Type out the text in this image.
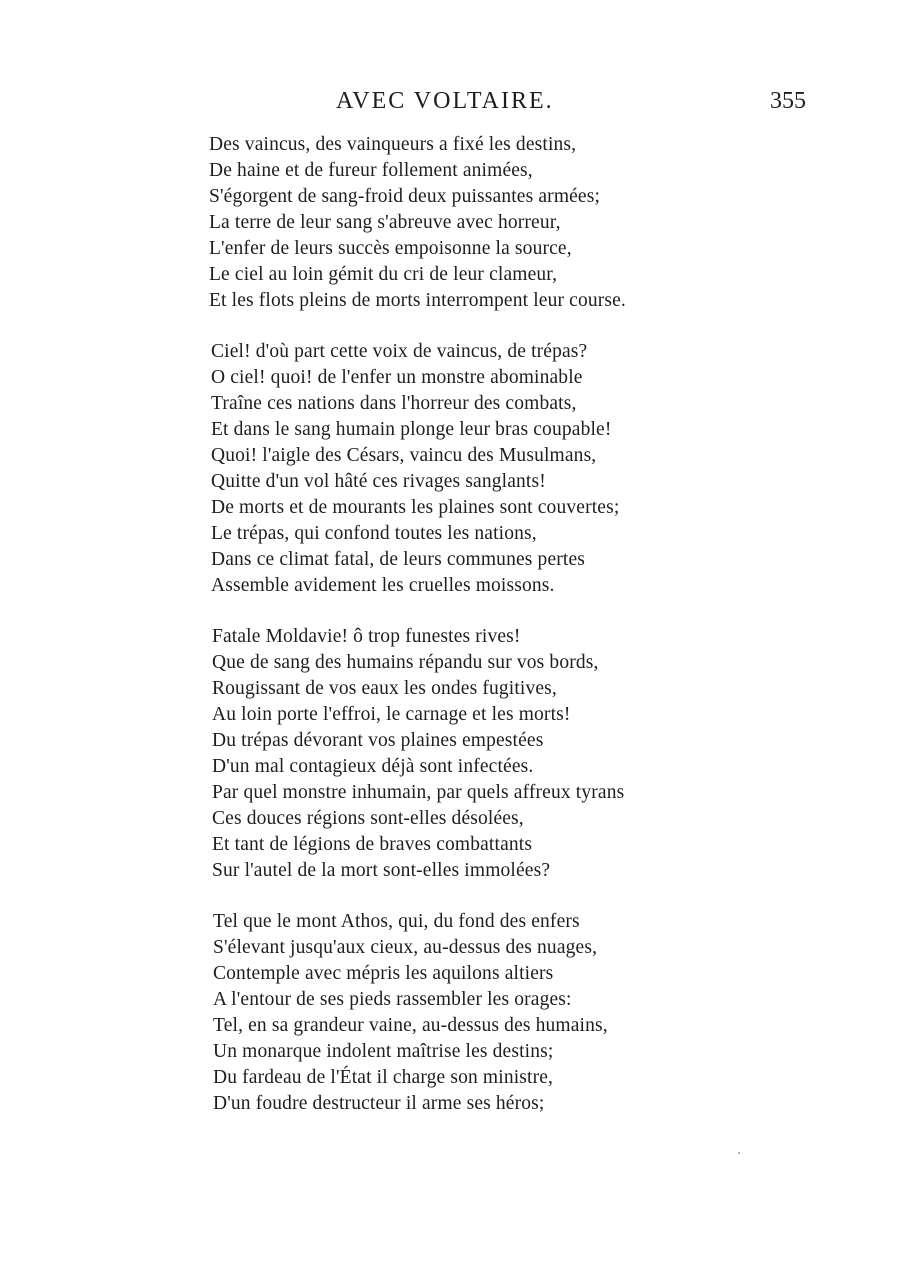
AVEC VOLTAIRE.	355
Des vaincus, des vainqueurs a fixé les destins,
De haine et de fureur follement animées,
S'égorgent de sang-froid deux puissantes armées;
La terre de leur sang s'abreuve avec horreur,
L'enfer de leurs succès empoisonne la source,
Le ciel au loin gémit du cri de leur clameur,
Et les flots pleins de morts interrompent leur course.
Ciel! d'où part cette voix de vaincus, de trépas?
O ciel! quoi! de l'enfer un monstre abominable
Traîne ces nations dans l'horreur des combats,
Et dans le sang humain plonge leur bras coupable!
Quoi! l'aigle des Césars, vaincu des Musulmans,
Quitte d'un vol hâté ces rivages sanglants!
De morts et de mourants les plaines sont couvertes;
Le trépas, qui confond toutes les nations,
Dans ce climat fatal, de leurs communes pertes
Assemble avidement les cruelles moissons.
Fatale Moldavie! ô trop funestes rives!
Que de sang des humains répandu sur vos bords,
Rougissant de vos eaux les ondes fugitives,
Au loin porte l'effroi, le carnage et les morts!
Du trépas dévorant vos plaines empestées
D'un mal contagieux déjà sont infectées.
Par quel monstre inhumain, par quels affreux tyrans
Ces douces régions sont-elles désolées,
Et tant de légions de braves combattants
Sur l'autel de la mort sont-elles immolées?
Tel que le mont Athos, qui, du fond des enfers
S'élevant jusqu'aux cieux, au-dessus des nuages,
Contemple avec mépris les aquilons altiers
A l'entour de ses pieds rassembler les orages:
Tel, en sa grandeur vaine, au-dessus des humains,
Un monarque indolent maîtrise les destins;
Du fardeau de l'État il charge son ministre,
D'un foudre destructeur il arme ses héros;
